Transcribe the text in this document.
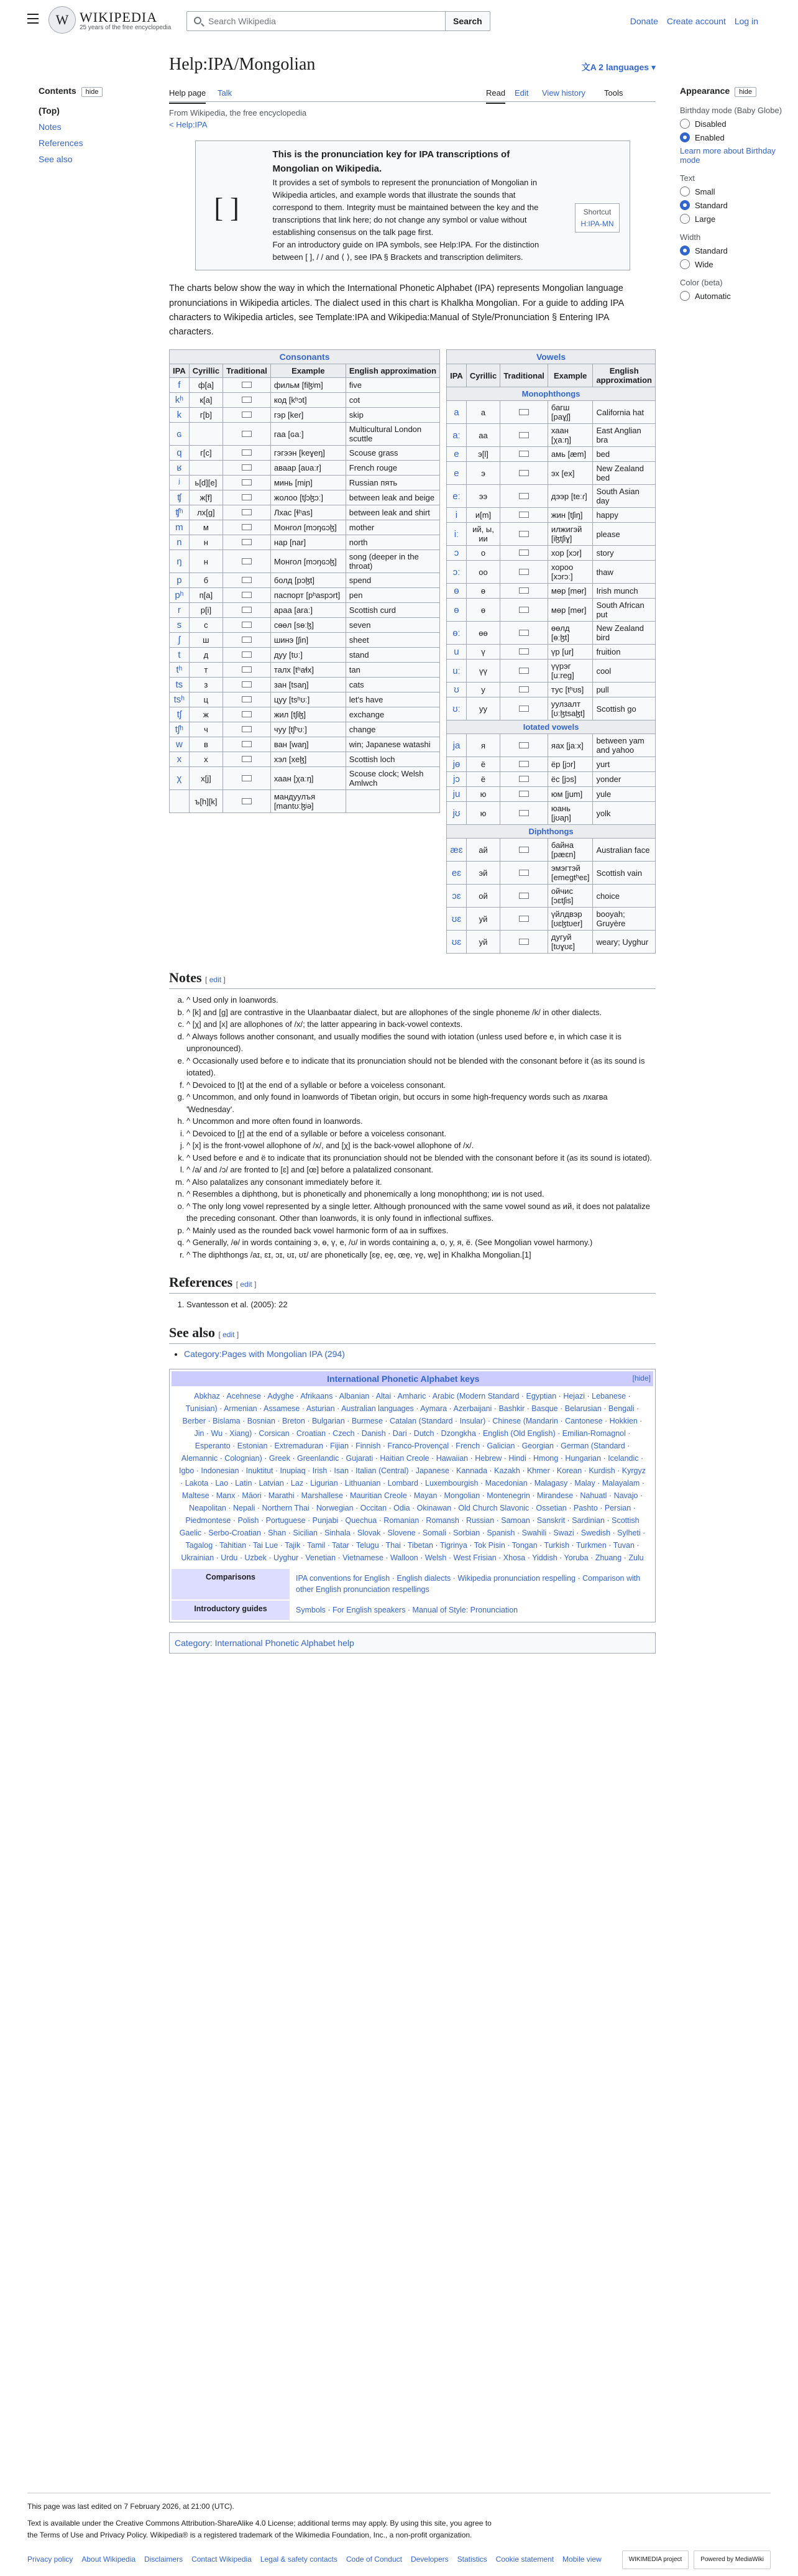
W WIKIPEDIA
25 years of the free encyclopedia
Search Wikipedia	Search	Donate Create account Log in
Contents hide
(Top)
Notes
References
See also
Help:IPA/Mongolian	文A 2 languages ▾
Help page Talk	Read Edit View history Tools
From Wikipedia, the free encyclopedia
< Help:IPA
[ ]
This is the pronunciation key for IPA transcriptions of Mongolian on Wikipedia.
It provides a set of symbols to represent the pronunciation of Mongolian in Wikipedia articles, and example words that illustrate the sounds that correspond to them. Integrity must be maintained between the key and the transcriptions that link here; do not change any symbol or value without establishing consensus on the talk page first.
For an introductory guide on IPA symbols, see Help:IPA. For the distinction between [ ], / / and ⟨ ⟩, see IPA § Brackets and transcription delimiters.
Shortcut
H:IPA-MN

The charts below show the way in which the International Phonetic Alphabet (IPA) represents Mongolian language pronunciations in Wikipedia articles. The dialect used in this chart is Khalkha Mongolian. For a guide to adding IPA characters to Wikipedia articles, see Template:IPA and Wikipedia:Manual of Style/Pronunciation § Entering IPA characters.

Consonants				
IPA	Cyrillic	Traditional	Example	English approximation
f	ф[a]		фильм [fiɮʲm]	five
kʰ	к[a]		код [kʰɔt]	cot
k	г[b]		гэр [keɾ]	skip
ɢ			гаа [ɢaː]	Multicultural London scuttle
q	г[c]		гэгээн [keɣeŋ]	Scouse grass
ʁ			аваар [aʋaːr]	French rouge
ʲ	ь[d][e]		минь [miɲ]	Russian пять
ʧ	ж[f]		жолоо [tʃɔɮɔː]	between leak and beige
ʧʰ	лх[g]		Лхас [ɬʰas]	between leak and shirt
m	м		Монгол [mɔŋɢɔɮ]	mother
n	н		нар [nar]	north
ŋ	н		Монгол [mɔŋɢɔɮ]	song (deeper in the throat)
p	б		болд [pɔɮt]	spend
pʰ	п[a]		паспорт [pʰaspɔrt]	pen
r	р[i]		араа [araː]	Scottish curd
s	с		сөөл [sɵːɮ]	seven
ʃ	ш		шинэ [ʃin]	sheet
t	д		дуу [tʊː]	stand
tʰ	т		талх [tʰaɬx]	tan
ts	з		зан [tsaŋ]	cats
tsʰ	ц		цуу [tsʰʊː]	let's have
tʃ	ж		жил [tʃiɮ]	exchange
tʃʰ	ч		чуу [tʃʰʊː]	change
w	в		ван [waŋ]	win; Japanese watashi
x	х		хэл [xeɮ]	Scottish loch
χ	х[j]		хаан [χaːŋ]	Scouse clock; Welsh Amlwch
	ъ[h][k]		мандуулъя [mantʊːɮʲə]	
Vowels				
IPA	Cyrillic	Traditional	Example	English approximation
Monophthongs				
a	а		багш [paɣʃ]	California hat
aː	аа		хаан [χaːŋ]	East Anglian bra
e	э[l]		амь [æm]	bed
e	э		эх [ex]	New Zealand bed
eː	ээ		дээр [teːɾ]	South Asian day
i	и[m]		жин [tʃiŋ]	happy
iː	ий, ы, ии		илжигэй [iɮtʃiɣ]	please
ɔ	о		хор [xɔr]	story
ɔː	оо		хороо [xɔrɔː]	thaw
ɵ	ө		мөр [mɵr]	Irish munch
ɵ	ө		мөр [mɵr]	South African put
ɵː	өө		өөлд [ɵːɮt]	New Zealand bird
u	ү		үр [ur]	fruition
uː	үү		үүрэг [uːreɡ]	cool
ʊ	у		тус [tʰʊs]	pull
ʊː	уу		уулзалт [ʊːɮtsaɮt]	Scottish go
Iotated vowels				
ja	я		яах [jaːx]	between yam and yahoo
jɵ	ё		ёр [jɔr]	yurt
jɔ	ё		ёс [jɔs]	yonder
ju	ю		юм [jum]	yule
jʊ	ю		юань [jʊaɲ]	yolk
Diphthongs				
æɛ	ай		байна [pæɛn]	Australian face
eɛ	эй		эмэгтэй [emeɡtʰeɛ]	Scottish vain
ɔɛ	ой		ойчис [ɔɛtʃis]	choice
ʊɛ	уй		үйлдвэр [ʊɛɮtʋer]	booyah; Gruyère
ʊɛ	уй		дугуй [tʊɣʊɛ]	weary; Uyghur
Notes [ edit ]
a. ^ Used only in loanwords.
b. ^ [k] and [ɡ] are contrastive in the Ulaanbaatar dialect, but are allophones of the single phoneme /k/ in other dialects.
c. ^ [χ] and [x] are allophones of /x/; the latter appearing in back-vowel contexts.
d. ^ Always follows another consonant, and usually modifies the sound with iotation (unless used before e, in which case it is unpronounced).
e. ^ Occasionally used before e to indicate that its pronunciation should not be blended with the consonant before it (as its sound is iotated).
f. ^ Devoiced to [t] at the end of a syllable or before a voiceless consonant.
g. ^ Uncommon, and only found in loanwords of Tibetan origin, but occurs in some high-frequency words such as лхагва 'Wednesday'.
h. ^ Uncommon and more often found in loanwords.
i. ^ Devoiced to [r̥] at the end of a syllable or before a voiceless consonant.
j. ^ [x] is the front-vowel allophone of /x/, and [χ] is the back-vowel allophone of /x/.
k. ^ Used before e and ё to indicate that its pronunciation should not be blended with the consonant before it (as its sound is iotated).
l. ^ /a/ and /ɔ/ are fronted to [ɛ] and [œ] before a palatalized consonant.
m. ^ Also palatalizes any consonant immediately before it.
n. ^ Resembles a diphthong, but is phonetically and phonemically a long monophthong; ии is not used.
o. ^ The only long vowel represented by a single letter. Although pronounced with the same vowel sound as ий, it does not palatalize the preceding consonant. Other than loanwords, it is only found in inflectional suffixes.
p. ^ Mainly used as the rounded back vowel harmonic form of аа in suffixes.
q. ^ Generally, /ɵ/ in words containing э, ө, ү, е, /ʊ/ in words containing а, о, у, я, ё. (See Mongolian vowel harmony.)
r. ^ The diphthongs /aɪ, ɛɪ, ɔɪ, ʊɪ, ʊɪ/ are phonetically [ɛe̯, ee̯, œe̯, ʏe̯, we̯] in Khalkha Mongolian.[1]
References [ edit ]
1. Svantesson et al. (2005): 22
See also [ edit ]
• Category:Pages with Mongolian IPA (294)
International Phonetic Alphabet keys	[hide]
Abkhaz · Acehnese · Adyghe · Afrikaans · Albanian · Altai · Amharic · Arabic (Modern Standard · Egyptian · Hejazi · Lebanese · Tunisian) · Armenian · Assamese · Asturian · Australian languages · Aymara · Azerbaijani · Bashkir · Basque · Belarusian · Bengali · Berber · Bislama · Bosnian · Breton · Bulgarian · Burmese · Catalan (Standard · Insular) · Chinese (Mandarin · Cantonese · Hokkien · Jin · Wu · Xiang) · Corsican · Croatian · Czech · Danish · Dari · Dutch · Dzongkha · English (Old English) · Emilian-Romagnol · Esperanto · Estonian · Extremaduran · Fijian · Finnish · Franco-Provençal · French · Galician · Georgian · German (Standard · Alemannic · Colognian) · Greek · Greenlandic · Gujarati · Haitian Creole · Hawaiian · Hebrew · Hindi · Hmong · Hungarian · Icelandic · Igbo · Indonesian · Inuktitut · Inupiaq · Irish · Isan · Italian (Central) · Japanese · Kannada · Kazakh · Khmer · Korean · Kurdish · Kyrgyz · Lakota · Lao · Latin · Latvian · Laz · Ligurian · Lithuanian · Lombard · Luxembourgish · Macedonian · Malagasy · Malay · Malayalam · Maltese · Manx · Māori · Marathi · Marshallese · Mauritian Creole · Mayan · Mongolian · Montenegrin · Mirandese · Nahuatl · Navajo · Neapolitan · Nepali · Northern Thai · Norwegian · Occitan · Odia · Okinawan · Old Church Slavonic · Ossetian · Pashto · Persian · Piedmontese · Polish · Portuguese · Punjabi · Quechua · Romanian · Romansh · Russian · Samoan · Sanskrit · Sardinian · Scottish Gaelic · Serbo-Croatian · Shan · Sicilian · Sinhala · Slovak · Slovene · Somali · Sorbian · Spanish · Swahili · Swazi · Swedish · Sylheti · Tagalog · Tahitian · Tai Lue · Tajik · Tamil · Tatar · Telugu · Thai · Tibetan · Tigrinya · Tok Pisin · Tongan · Turkish · Turkmen · Tuvan · Ukrainian · Urdu · Uzbek · Uyghur · Venetian · Vietnamese · Walloon · Welsh · West Frisian · Xhosa · Yiddish · Yoruba · Zhuang · Zulu
Comparisons	IPA conventions for English · English dialects · Wikipedia pronunciation respelling · Comparison with other English pronunciation respellings
Introductory guides	Symbols · For English speakers · Manual of Style: Pronunciation
Category: International Phonetic Alphabet help
Appearance hide
Birthday mode (Baby Globe)
Disabled
Enabled
Learn more about Birthday mode
Text
Small
Standard
Large
Width
Standard
Wide
Color (beta)
Automatic
This page was last edited on 7 February 2026, at 21:00 (UTC).
Text is available under the Creative Commons Attribution-ShareAlike 4.0 License; additional terms may apply. By using this site, you agree to the Terms of Use and Privacy Policy. Wikipedia® is a registered trademark of the Wikimedia Foundation, Inc., a non-profit organization.
Privacy policy About Wikipedia Disclaimers Contact Wikipedia Legal & safety contacts Code of Conduct Developers Statistics Cookie statement Mobile view	WIKIMEDIA project	Powered by MediaWiki
